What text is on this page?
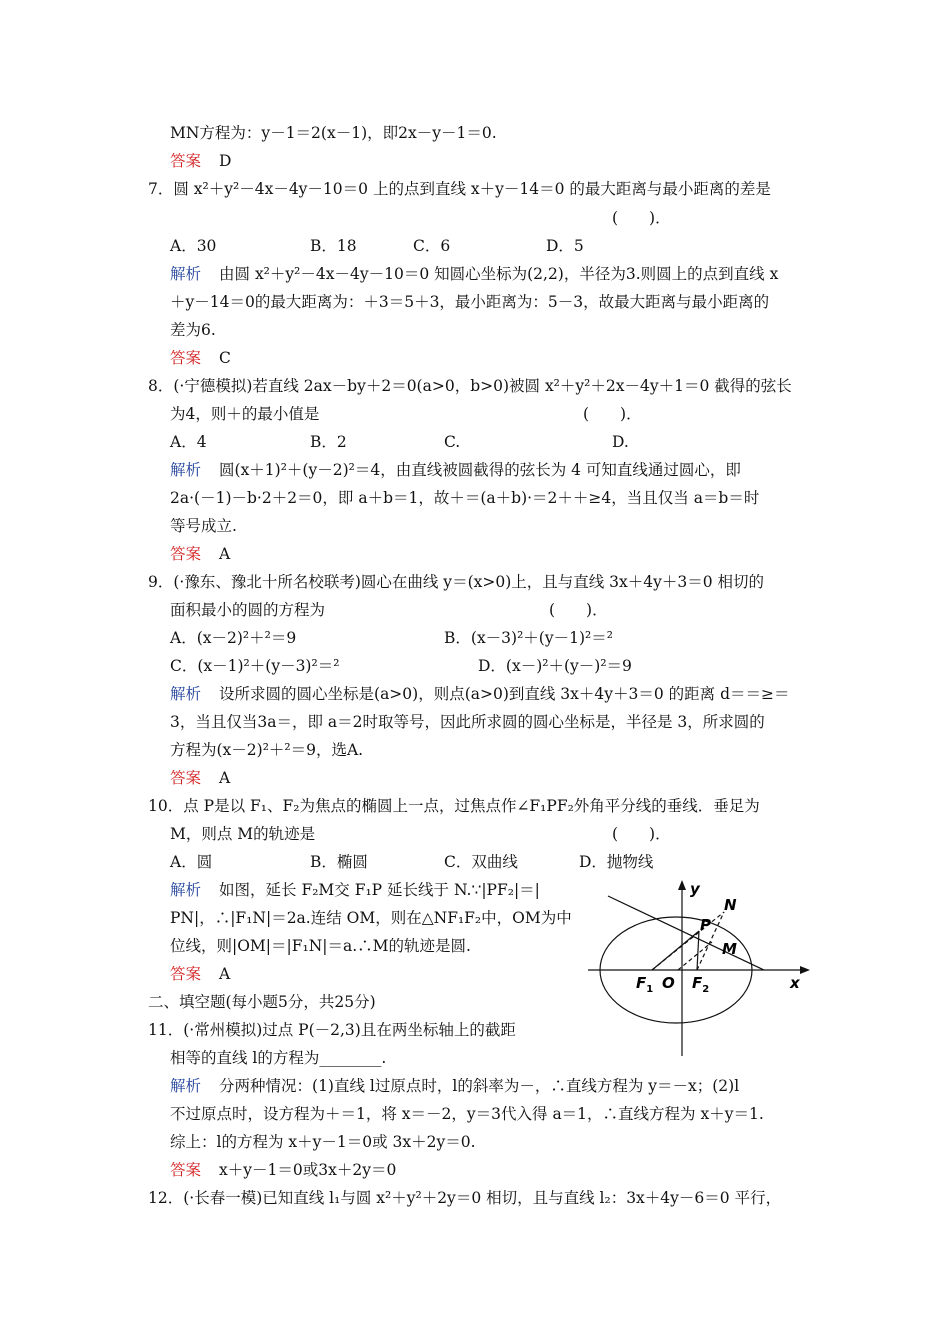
MN方程为：y－1＝2(x－1)，即2x－y－1＝0.
答案 D
7．圆 x²＋y²－4x－4y－10＝0 上的点到直线 x＋y－14＝0 的最大距离与最小距离的差是
(　　)．
A．30	B．18	C．6	D．5
解析 由圆 x²＋y²－4x－4y－10＝0 知圆心坐标为(2,2)，半径为3.则圆上的点到直线 x
＋y－14＝0的最大距离为：＋3＝5＋3，最小距离为：5－3，故最大距离与最小距离的
差为6.
答案 C
8．(·宁德模拟)若直线 2ax－by＋2＝0(a>0，b>0)被圆 x²＋y²＋2x－4y＋1＝0 截得的弦长
为4，则＋的最小值是	(　　)．
A．4	B．2	C.	D.
解析 圆(x＋1)²＋(y－2)²＝4，由直线被圆截得的弦长为 4 可知直线通过圆心，即
2a·(－1)－b·2＋2＝0，即 a＋b＝1，故＋＝(a＋b)·＝2＋＋≥4，当且仅当 a＝b＝时
等号成立.
答案 A
9．(·豫东、豫北十所名校联考)圆心在曲线 y＝(x>0)上，且与直线 3x＋4y＋3＝0 相切的
面积最小的圆的方程为	(　　)．
A．(x－2)²＋²＝9	B．(x－3)²＋(y－1)²＝²
C．(x－1)²＋(y－3)²＝²	D．(x－)²＋(y－)²＝9
解析 设所求圆的圆心坐标是(a>0)，则点(a>0)到直线 3x＋4y＋3＝0 的距离 d＝＝≥＝
3，当且仅当3a＝，即 a＝2时取等号，因此所求圆的圆心坐标是，半径是 3，所求圆的
方程为(x－2)²＋²＝9，选A.
答案 A
10．点 P是以 F₁、F₂为焦点的椭圆上一点，过焦点作∠F₁PF₂外角平分线的垂线．垂足为
M，则点 M的轨迹是	(　　)．
A．圆	B．椭圆	C．双曲线	D．抛物线
解析 如图，延长 F₂M交 F₁P 延长线于 N.∵|PF₂|＝|
PN|，∴|F₁N|＝2a.连结 OM，则在△NF₁F₂中，OM为中
位线，则|OM|＝|F₁N|＝a.∴M的轨迹是圆.
答案 A
二、填空题(每小题5分，共25分)
11．(·常州模拟)过点 P(－2,3)且在两坐标轴上的截距
相等的直线 l的方程为________.
解析 分两种情况：(1)直线 l过原点时，l的斜率为－，∴直线方程为 y＝－x；(2)l
不过原点时，设方程为＋＝1，将 x＝－2，y＝3代入得 a＝1，∴直线方程为 x＋y＝1.
综上：l的方程为 x＋y－1＝0或 3x＋2y＝0.
答案 x＋y－1＝0或3x＋2y＝0
12．(·长春一模)已知直线 l₁与圆 x²＋y²＋2y＝0 相切，且与直线 l₂：3x＋4y－6＝0 平行，
y
x
N
P
M
$F_1$ O $F_2$
